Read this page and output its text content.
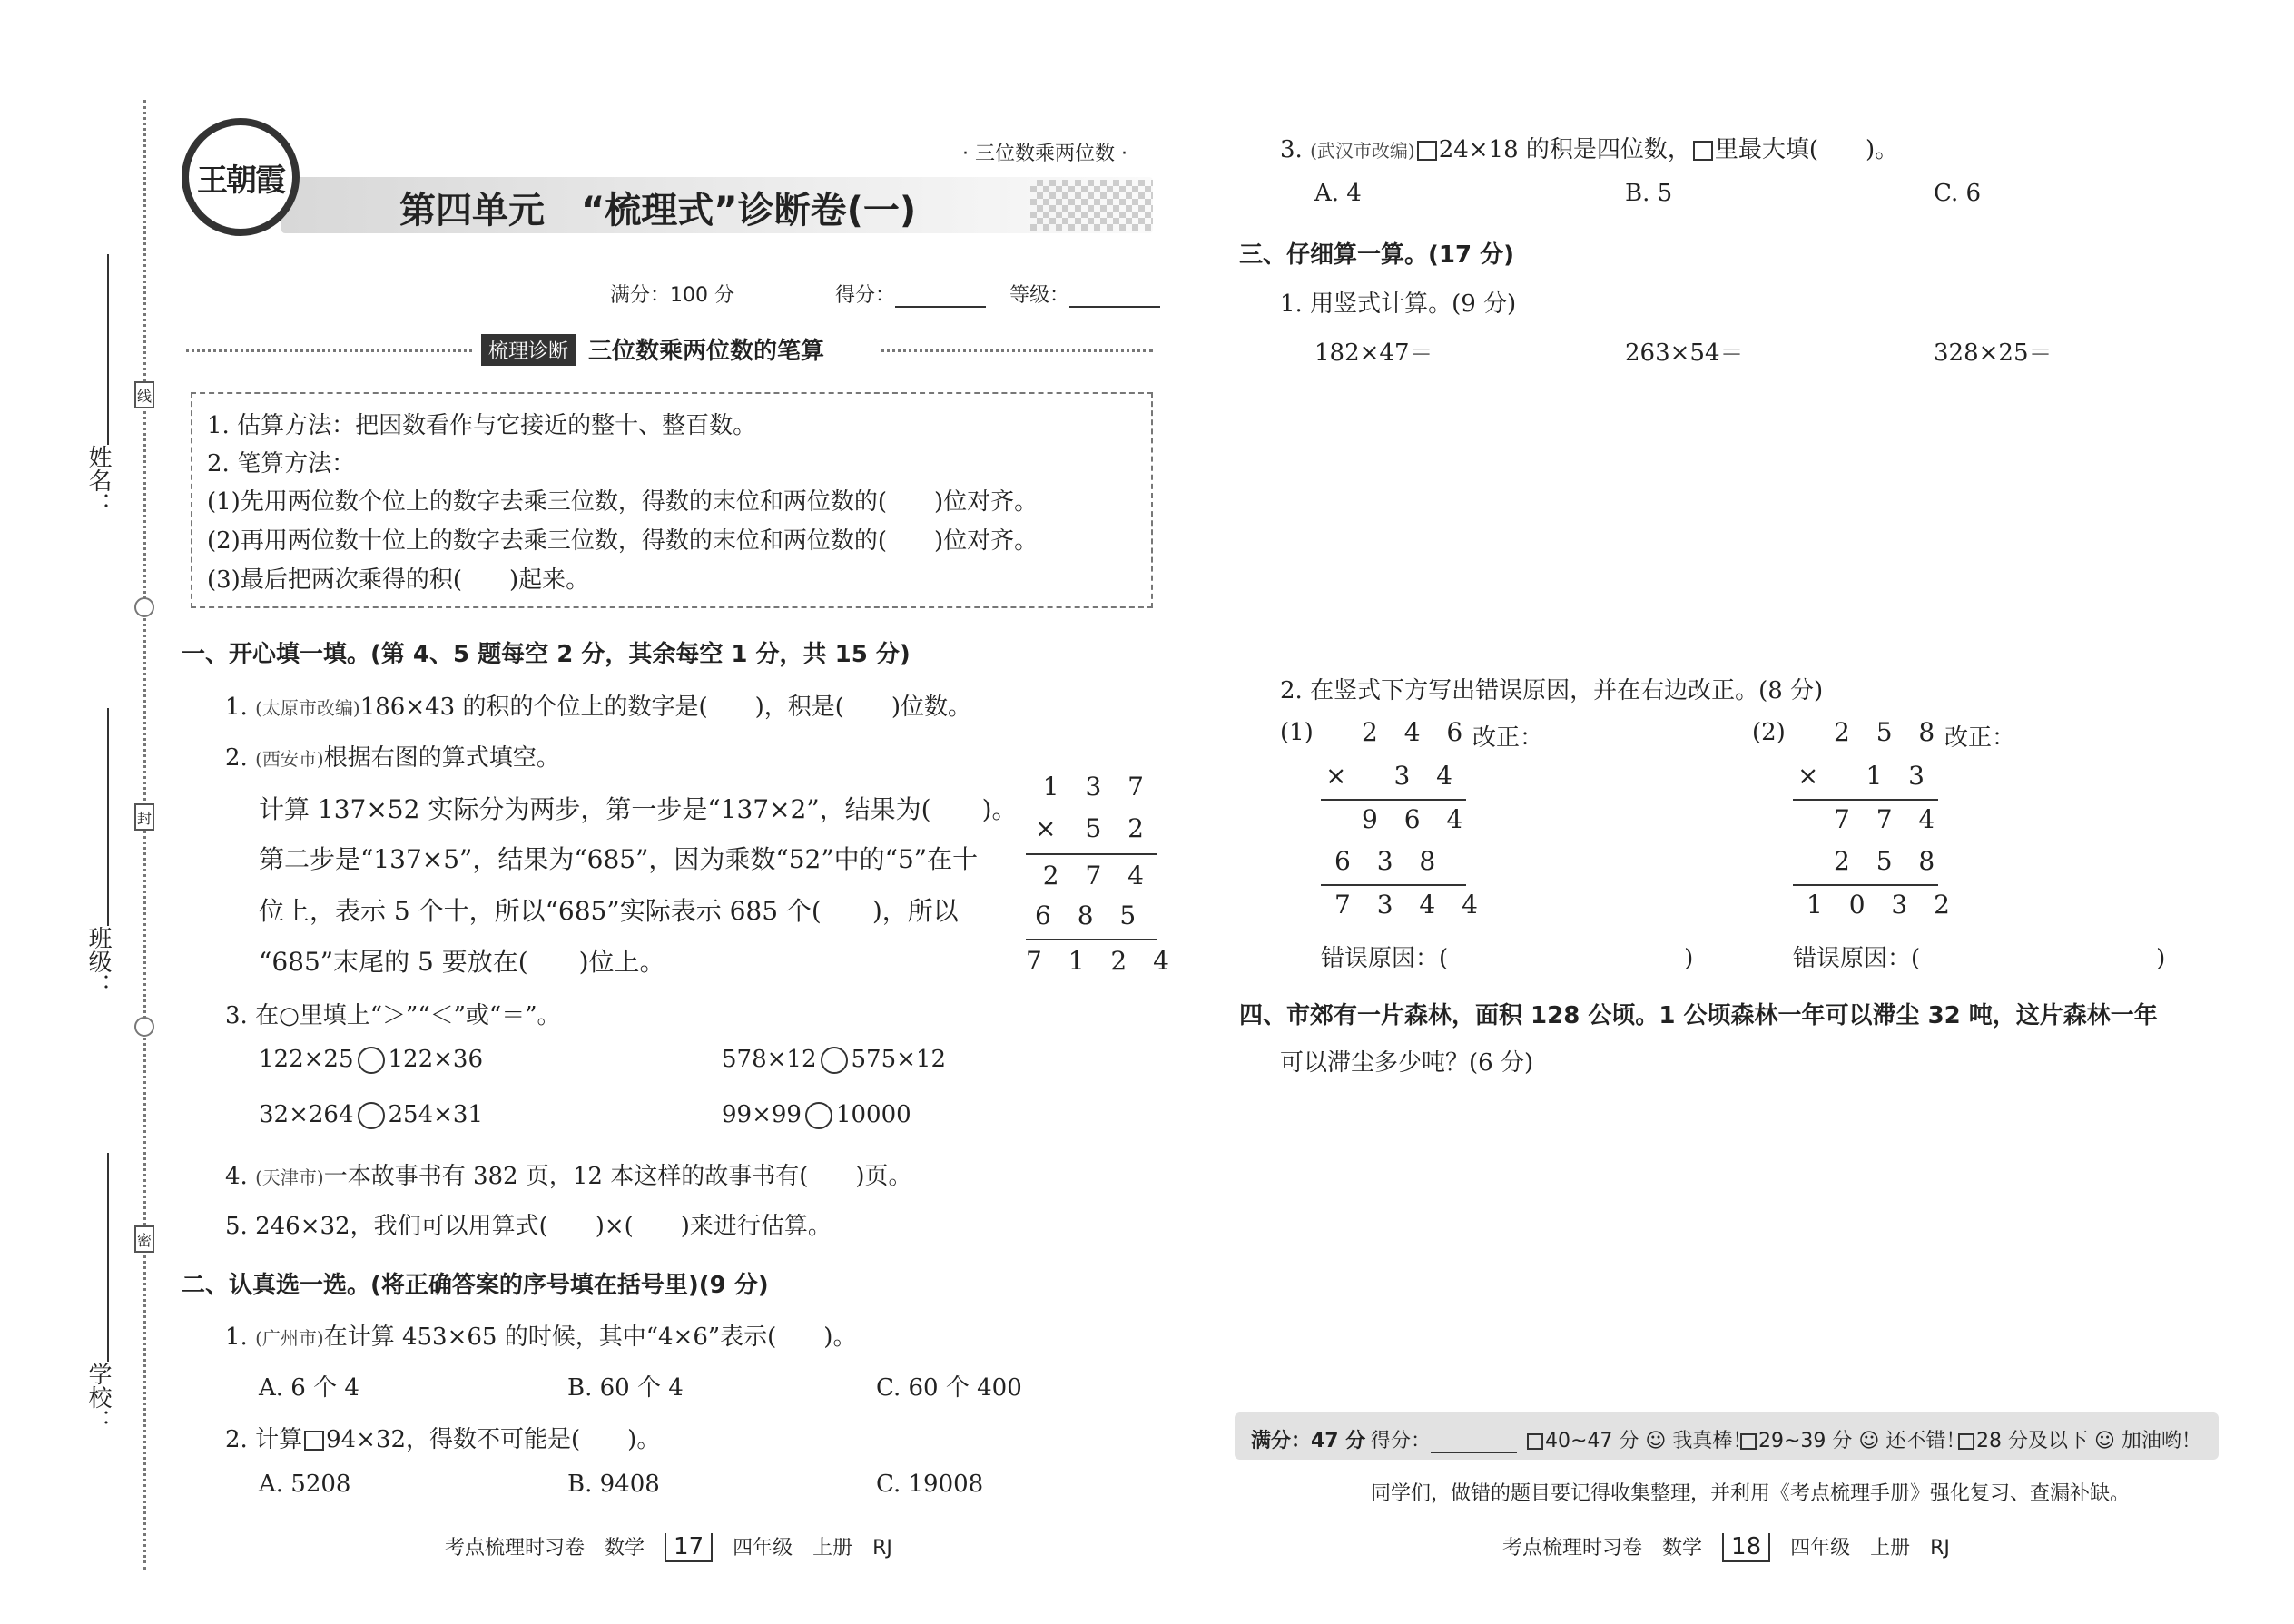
姓名：
班级：
学校：
线
封
密
王朝霞
· 三位数乘两位数 ·
第四单元　“梳理式”诊断卷(一)
满分：100 分	得分：	等级：
梳理诊断 三位数乘两位数的笔算
1. 估算方法：把因数看作与它接近的整十、整百数。
2. 笔算方法：
(1)先用两位数个位上的数字去乘三位数，得数的末位和两位数的(　　)位对齐。
(2)再用两位数十位上的数字去乘三位数，得数的末位和两位数的(　　)位对齐。
(3)最后把两次乘得的积(　　)起来。
一、开心填一填。(第 4、5 题每空 2 分，其余每空 1 分，共 15 分)
1. (太原市改编)186×43 的积的个位上的数字是(　　)，积是(　　)位数。
2. (西安市)根据右图的算式填空。
计算 137×52 实际分为两步，第一步是“137×2”，结果为(　　)。
第二步是“137×5”，结果为“685”，因为乘数“52”中的“5”在十
位上，表示 5 个十，所以“685”实际表示 685 个(　　)，所以
“685”末尾的 5 要放在(　　)位上。
1 3 7
×	5 2
2 7 4
6 8 5
7 1 2 4
3. 在○里填上“＞”“＜”或“＝”。
122×25 122×36	578×12 575×12
32×264 254×31	99×99 10000
4. (天津市)一本故事书有 382 页，12 本这样的故事书有(　　)页。
5. 246×32，我们可以用算式(　　)×(　　)来进行估算。
二、认真选一选。(将正确答案的序号填在括号里)(9 分)
1. (广州市)在计算 453×65 的时候，其中“4×6”表示(　　)。
A. 6 个 4	B. 60 个 4	C. 60 个 400
2. 计算 94×32，得数不可能是(　　)。
A. 5208	B. 9408	C. 19008
考点梳理时习卷　数学　 17　 四年级　上册　RJ
3. (武汉市改编) 24×18 的积是四位数， 里最大填(　　)。
A. 4	B. 5	C. 6
三、仔细算一算。(17 分)
1. 用竖式计算。(9 分)
182×47＝	263×54＝	328×25＝
2. 在竖式下方写出错误原因，并在右边改正。(8 分)
(1) 2 4 6 改正：
× 3 4
9 6 4
6 3 8
7 3 4 4
错误原因：(　　　　　　　　　　)
(2) 2 5 8 改正：
× 1 3
7 7 4
2 5 8
1 0 3 2
错误原因：(　　　　　　　　　　)
四、市郊有一片森林，面积 128 公顷。1 公顷森林一年可以滞尘 32 吨，这片森林一年
可以滞尘多少吨？(6 分)
满分：47 分 得分：	40~47 分 ☺ 我真棒！ 29~39 分 ☺ 还不错！ 28 分及以下 ☺ 加油哟！
同学们，做错的题目要记得收集整理，并利用《考点梳理手册》强化复习、查漏补缺。
考点梳理时习卷　数学　 18　 四年级　上册　RJ
